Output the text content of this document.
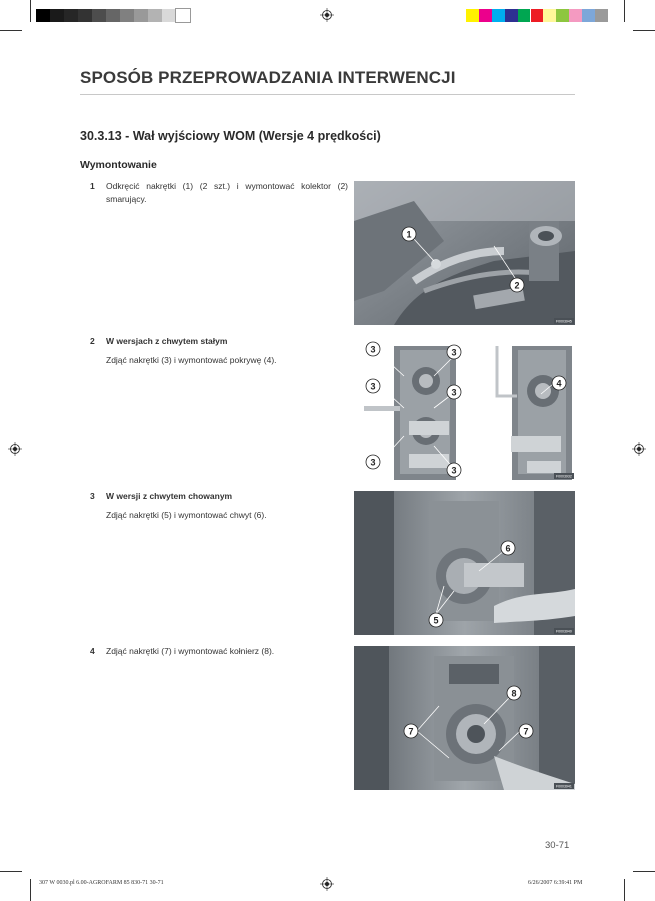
SPOSÓB PRZEPROWADZANIA INTERWENCJI
30.3.13 - Wał wyjściowy WOM (Wersje 4 prędkości)
Wymontowanie
1 Odkręcić nakrętki (1) (2 szt.) i wymontować kolektor (2) smarujący.
1
2
F0003945
2 W wersjach z chwytem stałym
Zdjąć nakrętki (3) i wymontować pokrywę (4).
3	3
3
3
3
3
4
F0003932
3 W wersji z chwytem chowanym
Zdjąć nakrętki (5) i wymontować chwyt (6).
6
5
F0003940
4 Zdjąć nakrętki (7) i wymontować kołnierz (8).
8
7	7
F0003941
30-71
307 W 0030.pl 6.00-AGROFARM 85 830-71 30-71	6/26/2007 6:39:41 PM
